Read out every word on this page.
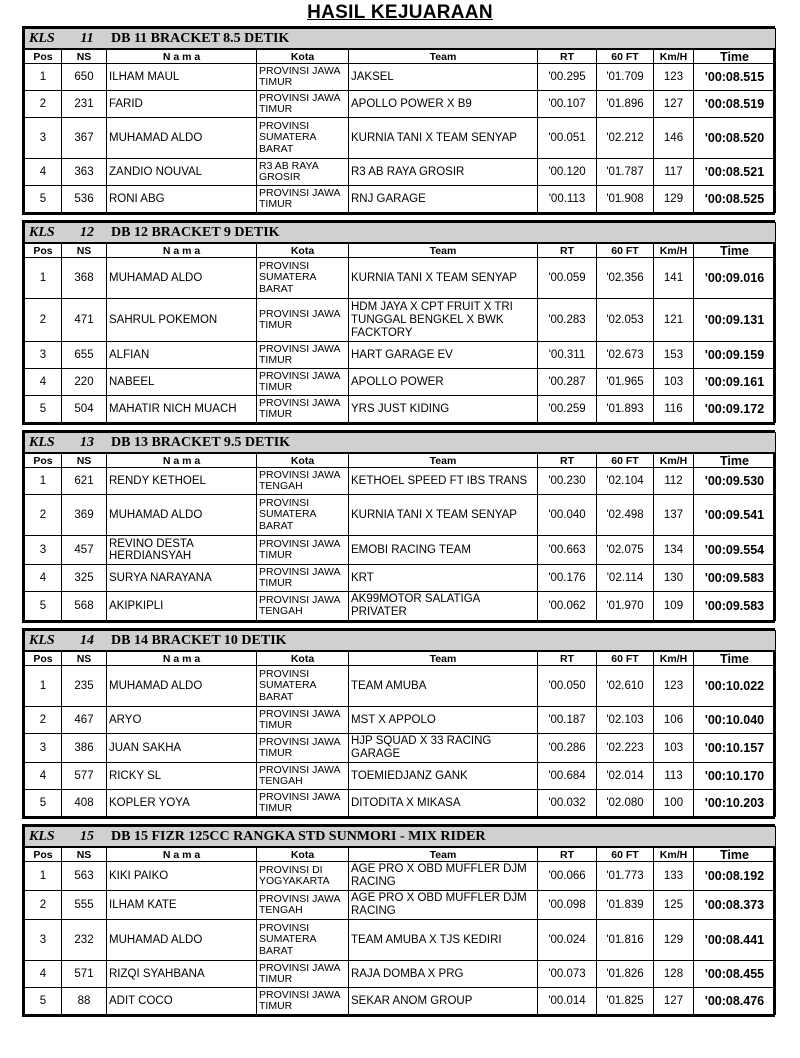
HASIL KEJUARAAN
KLS 11 DB 11 BRACKET 8.5 DETIK								
Pos	NS	N a m a	Kota	Team	RT	60 FT	Km/H	Time
1	650	ILHAM MAUL	PROVINSI JAWA TIMUR	JAKSEL	'00.295	'01.709	123	'00:08.515
2	231	FARID	PROVINSI JAWA TIMUR	APOLLO POWER X B9	'00.107	'01.896	127	'00:08.519
3	367	MUHAMAD ALDO	PROVINSI SUMATERA BARAT	KURNIA TANI X TEAM SENYAP	'00.051	'02.212	146	'00:08.520
4	363	ZANDIO NOUVAL	R3 AB RAYA GROSIR	R3 AB RAYA GROSIR	'00.120	'01.787	117	'00:08.521
5	536	RONI ABG	PROVINSI JAWA TIMUR	RNJ GARAGE	'00.113	'01.908	129	'00:08.525
KLS 12 DB 12 BRACKET 9 DETIK								
Pos	NS	N a m a	Kota	Team	RT	60 FT	Km/H	Time
1	368	MUHAMAD ALDO	PROVINSI SUMATERA BARAT	KURNIA TANI X TEAM SENYAP	'00.059	'02.356	141	'00:09.016
2	471	SAHRUL POKEMON	PROVINSI JAWA TIMUR	HDM JAYA X CPT FRUIT X TRI TUNGGAL BENGKEL X BWK FACKTORY	'00.283	'02.053	121	'00:09.131
3	655	ALFIAN	PROVINSI JAWA TIMUR	HART GARAGE EV	'00.311	'02.673	153	'00:09.159
4	220	NABEEL	PROVINSI JAWA TIMUR	APOLLO POWER	'00.287	'01.965	103	'00:09.161
5	504	MAHATIR NICH MUACH	PROVINSI JAWA TIMUR	YRS JUST KIDING	'00.259	'01.893	116	'00:09.172
KLS 13 DB 13 BRACKET 9.5 DETIK								
Pos	NS	N a m a	Kota	Team	RT	60 FT	Km/H	Time
1	621	RENDY KETHOEL	PROVINSI JAWA TENGAH	KETHOEL SPEED FT IBS TRANS	'00.230	'02.104	112	'00:09.530
2	369	MUHAMAD ALDO	PROVINSI SUMATERA BARAT	KURNIA TANI X TEAM SENYAP	'00.040	'02.498	137	'00:09.541
3	457	REVINO DESTA HERDIANSYAH	PROVINSI JAWA TIMUR	EMOBI RACING TEAM	'00.663	'02.075	134	'00:09.554
4	325	SURYA NARAYANA	PROVINSI JAWA TIMUR	KRT	'00.176	'02.114	130	'00:09.583
5	568	AKIPKIPLI	PROVINSI JAWA TENGAH	AK99MOTOR SALATIGA PRIVATER	'00.062	'01.970	109	'00:09.583
KLS 14 DB 14 BRACKET 10 DETIK								
Pos	NS	N a m a	Kota	Team	RT	60 FT	Km/H	Time
1	235	MUHAMAD ALDO	PROVINSI SUMATERA BARAT	TEAM AMUBA	'00.050	'02.610	123	'00:10.022
2	467	ARYO	PROVINSI JAWA TIMUR	MST X APPOLO	'00.187	'02.103	106	'00:10.040
3	386	JUAN SAKHA	PROVINSI JAWA TIMUR	HJP SQUAD X 33 RACING GARAGE	'00.286	'02.223	103	'00:10.157
4	577	RICKY SL	PROVINSI JAWA TENGAH	TOEMIEDJANZ GANK	'00.684	'02.014	113	'00:10.170
5	408	KOPLER YOYA	PROVINSI JAWA TIMUR	DITODITA X MIKASA	'00.032	'02.080	100	'00:10.203
KLS 15 DB 15 FIZR 125CC RANGKA STD SUNMORI - MIX RIDER								
Pos	NS	N a m a	Kota	Team	RT	60 FT	Km/H	Time
1	563	KIKI PAIKO	PROVINSI DI YOGYAKARTA	AGE PRO X OBD MUFFLER DJM RACING	'00.066	'01.773	133	'00:08.192
2	555	ILHAM KATE	PROVINSI JAWA TENGAH	AGE PRO X OBD MUFFLER DJM RACING	'00.098	'01.839	125	'00:08.373
3	232	MUHAMAD ALDO	PROVINSI SUMATERA BARAT	TEAM AMUBA X TJS KEDIRI	'00.024	'01.816	129	'00:08.441
4	571	RIZQI SYAHBANA	PROVINSI JAWA TIMUR	RAJA DOMBA X PRG	'00.073	'01.826	128	'00:08.455
5	88	ADIT COCO	PROVINSI JAWA TIMUR	SEKAR ANOM GROUP	'00.014	'01.825	127	'00:08.476
